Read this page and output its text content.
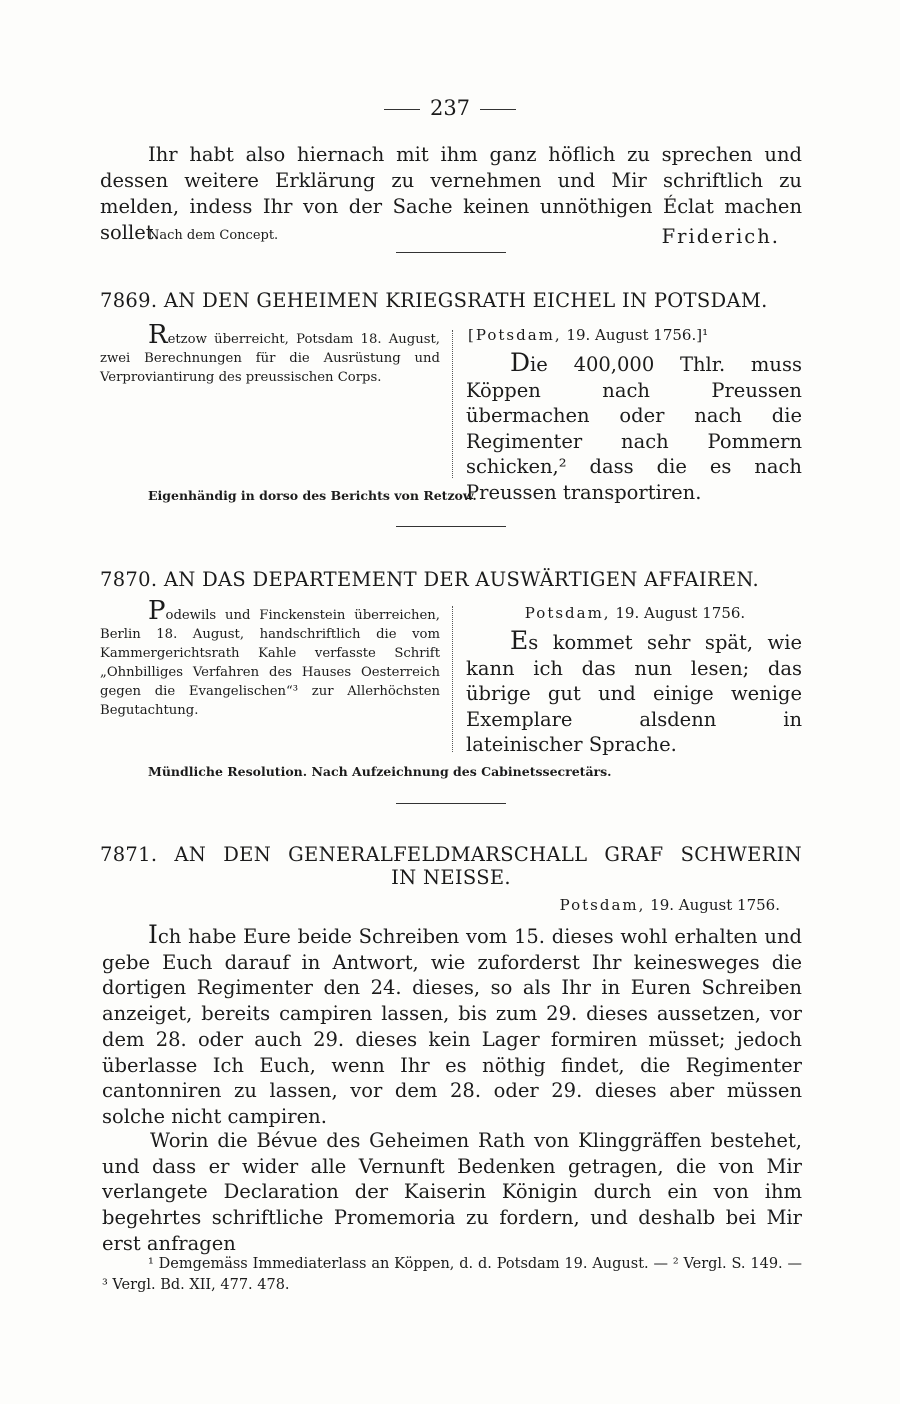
237
Ihr habt also hiernach mit ihm ganz höflich zu sprechen und dessen weitere Erklärung zu vernehmen und Mir schriftlich zu melden, indess Ihr von der Sache keinen unnöthigen Éclat machen sollet.
Nach dem Concept.	Friderich.
7869. AN DEN GEHEIMEN KRIEGSRATH EICHEL IN POTSDAM.
Retzow überreicht, Potsdam 18. August, zwei Berechnungen für die Ausrüstung und Verproviantirung des preussischen Corps.
[Potsdam, 19. August 1756.]¹
Die 400,000 Thlr. muss Köppen nach Preussen übermachen oder nach die Regimenter nach Pommern schicken,² dass die es nach Preussen transportiren.
Eigenhändig in dorso des Berichts von Retzow.
7870. AN DAS DEPARTEMENT DER AUSWÄRTIGEN AFFAIREN.
Podewils und Finckenstein überreichen, Berlin 18. August, handschriftlich die vom Kammergerichtsrath Kahle verfasste Schrift „Ohnbilliges Verfahren des Hauses Oesterreich gegen die Evangelischen“³ zur Allerhöchsten Begutachtung.
Potsdam, 19. August 1756.
Es kommet sehr spät, wie kann ich das nun lesen; das übrige gut und einige wenige Exemplare alsdenn in lateinischer Sprache.
Mündliche Resolution. Nach Aufzeichnung des Cabinetssecretärs.
7871. AN DEN GENERALFELDMARSCHALL GRAF SCHWERIN
IN NEISSE.
Potsdam, 19. August 1756.
Ich habe Eure beide Schreiben vom 15. dieses wohl erhalten und gebe Euch darauf in Antwort, wie zuforderst Ihr keinesweges die dortigen Regimenter den 24. dieses, so als Ihr in Euren Schreiben anzeiget, bereits campiren lassen, bis zum 29. dieses aussetzen, vor dem 28. oder auch 29. dieses kein Lager formiren müsset; jedoch überlasse Ich Euch, wenn Ihr es nöthig findet, die Regimenter cantonniren zu lassen, vor dem 28. oder 29. dieses aber müssen solche nicht campiren.
Worin die Bévue des Geheimen Rath von Klinggräffen bestehet, und dass er wider alle Vernunft Bedenken getragen, die von Mir verlangete Declaration der Kaiserin Königin durch ein von ihm begehrtes schriftliche Promemoria zu fordern, und deshalb bei Mir erst anfragen
¹ Demgemäss Immediaterlass an Köppen, d. d. Potsdam 19. August. — ² Vergl. S. 149. — ³ Vergl. Bd. XII, 477. 478.
